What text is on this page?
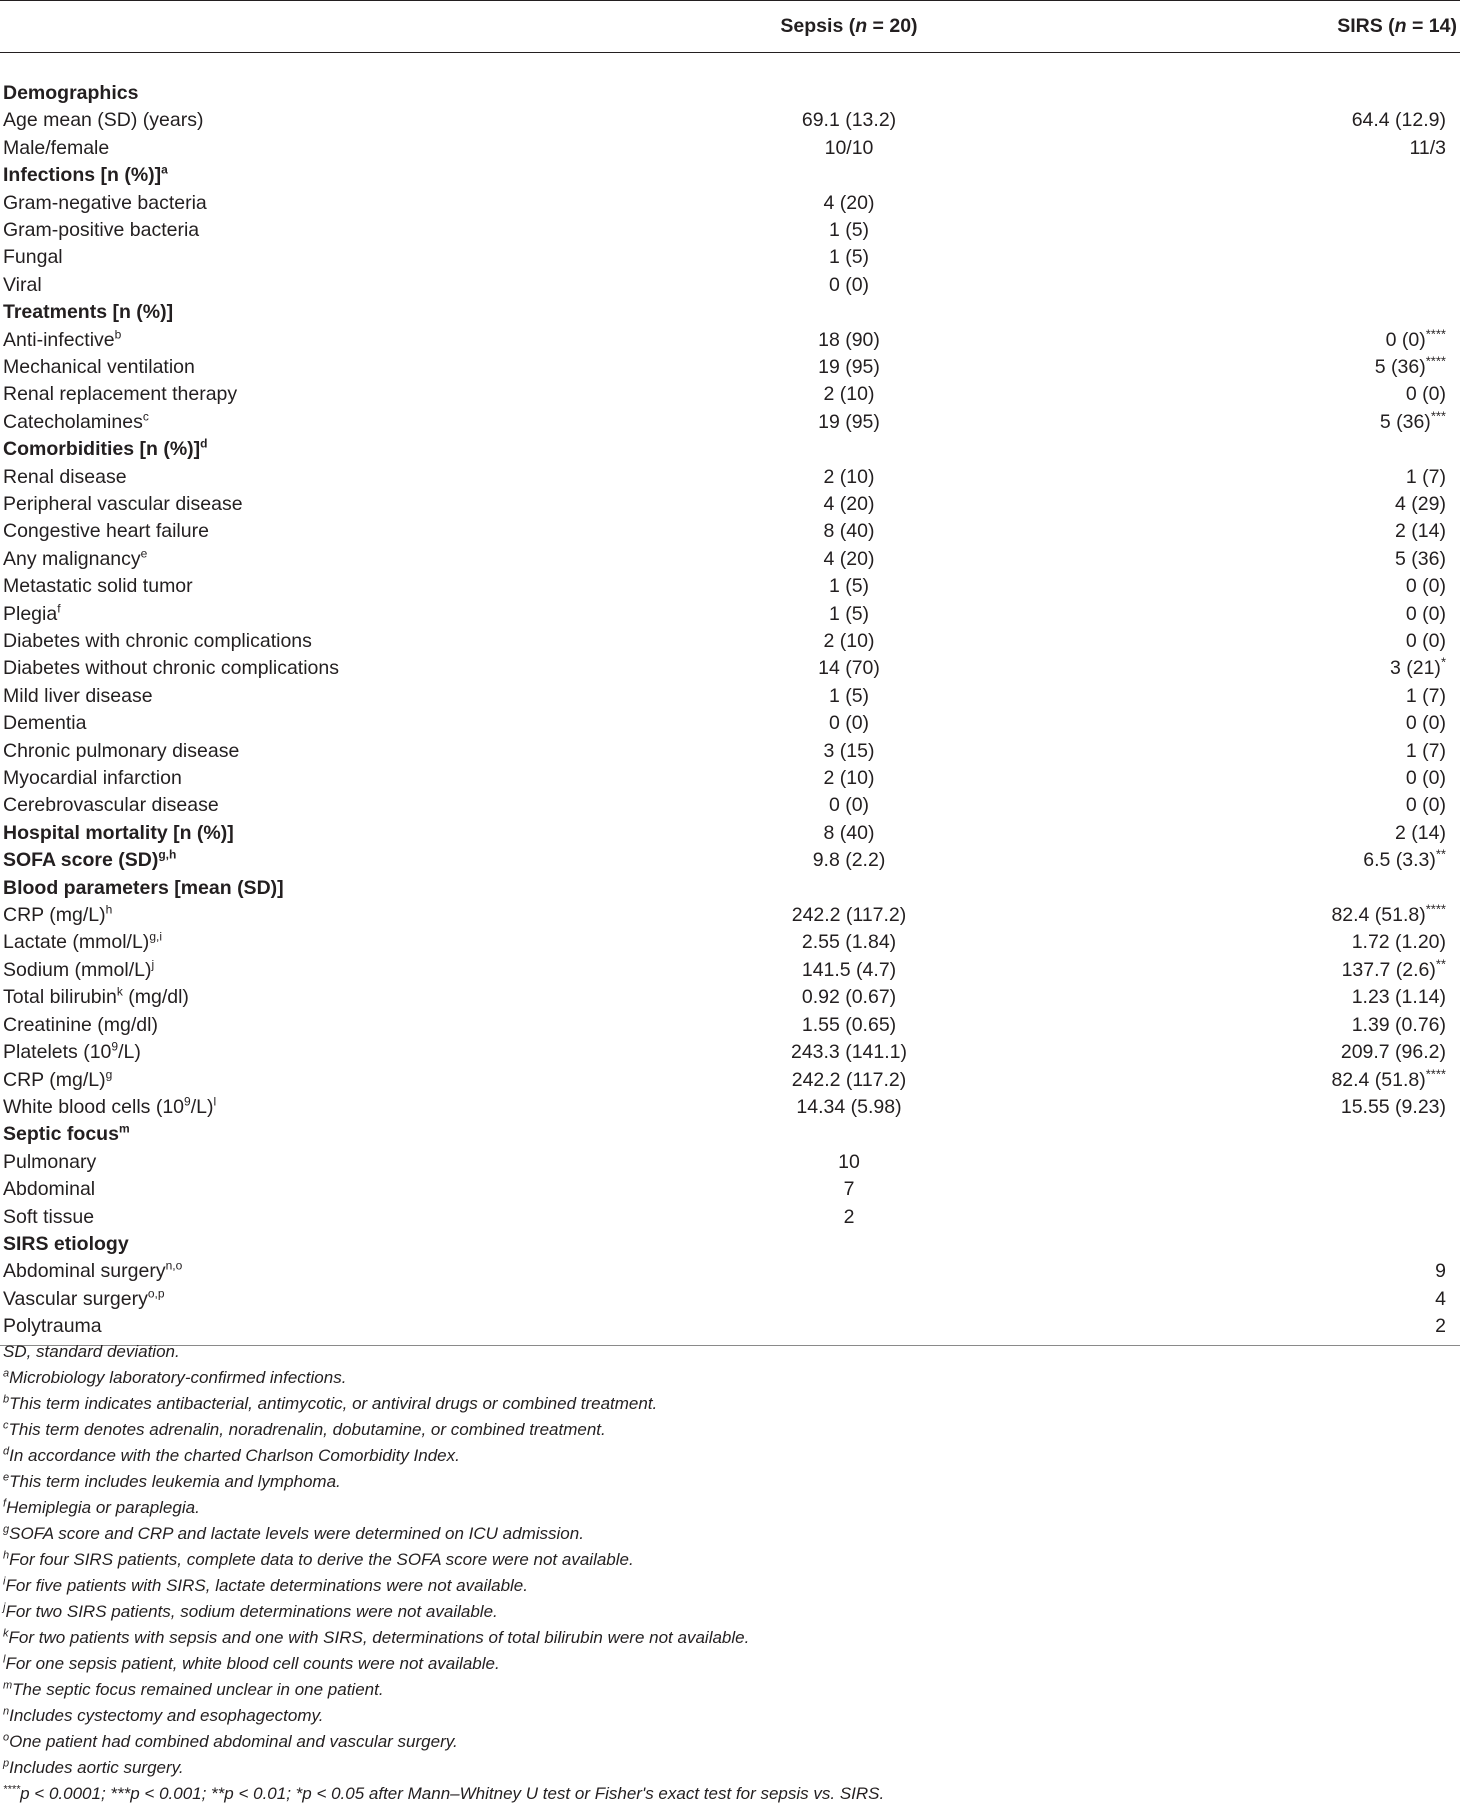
	Sepsis (n = 20)	SIRS (n = 14)

Demographics		
Age mean (SD) (years)	69.1 (13.2)	64.4 (12.9)
Male/female	10/10	11/3
Infections [n (%)]$^a$		
Gram-negative bacteria	4 (20)	
Gram-positive bacteria	1 (5)	
Fungal	1 (5)	
Viral	0 (0)	
Treatments [n (%)]		
Anti-infective$^b$	18 (90)	0 (0)****
Mechanical ventilation	19 (95)	5 (36)****
Renal replacement therapy	2 (10)	0 (0)
Catecholamines$^c$	19 (95)	5 (36)***
Comorbidities [n (%)]$^d$		
Renal disease	2 (10)	1 (7)
Peripheral vascular disease	4 (20)	4 (29)
Congestive heart failure	8 (40)	2 (14)
Any malignancy$^e$	4 (20)	5 (36)
Metastatic solid tumor	1 (5)	0 (0)
Plegia$^f$	1 (5)	0 (0)
Diabetes with chronic complications	2 (10)	0 (0)
Diabetes without chronic complications	14 (70)	3 (21)*
Mild liver disease	1 (5)	1 (7)
Dementia	0 (0)	0 (0)
Chronic pulmonary disease	3 (15)	1 (7)
Myocardial infarction	2 (10)	0 (0)
Cerebrovascular disease	0 (0)	0 (0)
Hospital mortality [n (%)]	8 (40)	2 (14)
SOFA score (SD)$^{g,h}$	9.8 (2.2)	6.5 (3.3)**
Blood parameters [mean (SD)]		
CRP $(mg/L)^h$	242.2 (117.2)	82.4 (51.8)****
Lactate (mmol/L)$^{g,i}$	2.55 (1.84)	1.72 (1.20)
Sodium (mmol/L)$^j$	141.5 (4.7)	137.7 (2.6)**
Total bilirubin$^k$ (mg/dl)	0.92 (0.67)	1.23 (1.14)
Creatinine (mg/dl)	1.55 (0.65)	1.39 (0.76)
Platelets $(10^9/L)$	243.3 (141.1)	209.7 (96.2)
CRP $(mg/L)^g$	242.2 (117.2)	82.4 (51.8)****
White blood cells $(10^9/L)^l$	14.34 (5.98)	15.55 (9.23)
Septic focus$^m$		
Pulmonary	10	
Abdominal	7	
Soft tissue	2	
SIRS etiology		
Abdominal surgery$^{n,o}$		9
Vascular surgery$^{o,p}$		4
Polytrauma		2
SD, standard deviation.
$^a$Microbiology laboratory-confirmed infections.
$^b$This term indicates antibacterial, antimycotic, or antiviral drugs or combined treatment.
$^c$This term denotes adrenalin, noradrenalin, dobutamine, or combined treatment.
$^d$In accordance with the charted Charlson Comorbidity Index.
$^e$This term includes leukemia and lymphoma.
$^f$Hemiplegia or paraplegia.
$^g$SOFA score and CRP and lactate levels were determined on ICU admission.
$^h$For four SIRS patients, complete data to derive the SOFA score were not available.
$^i$For five patients with SIRS, lactate determinations were not available.
$^j$For two SIRS patients, sodium determinations were not available.
$^k$For two patients with sepsis and one with SIRS, determinations of total bilirubin were not available.
$^l$For one sepsis patient, white blood cell counts were not available.
$^m$The septic focus remained unclear in one patient.
$^n$Includes cystectomy and esophagectomy.
$^o$One patient had combined abdominal and vascular surgery.
$^p$Includes aortic surgery.
****p < 0.0001; ***p < 0.001; **p < 0.01; *p < 0.05 after Mann–Whitney U test or Fisher's exact test for sepsis vs. SIRS.
